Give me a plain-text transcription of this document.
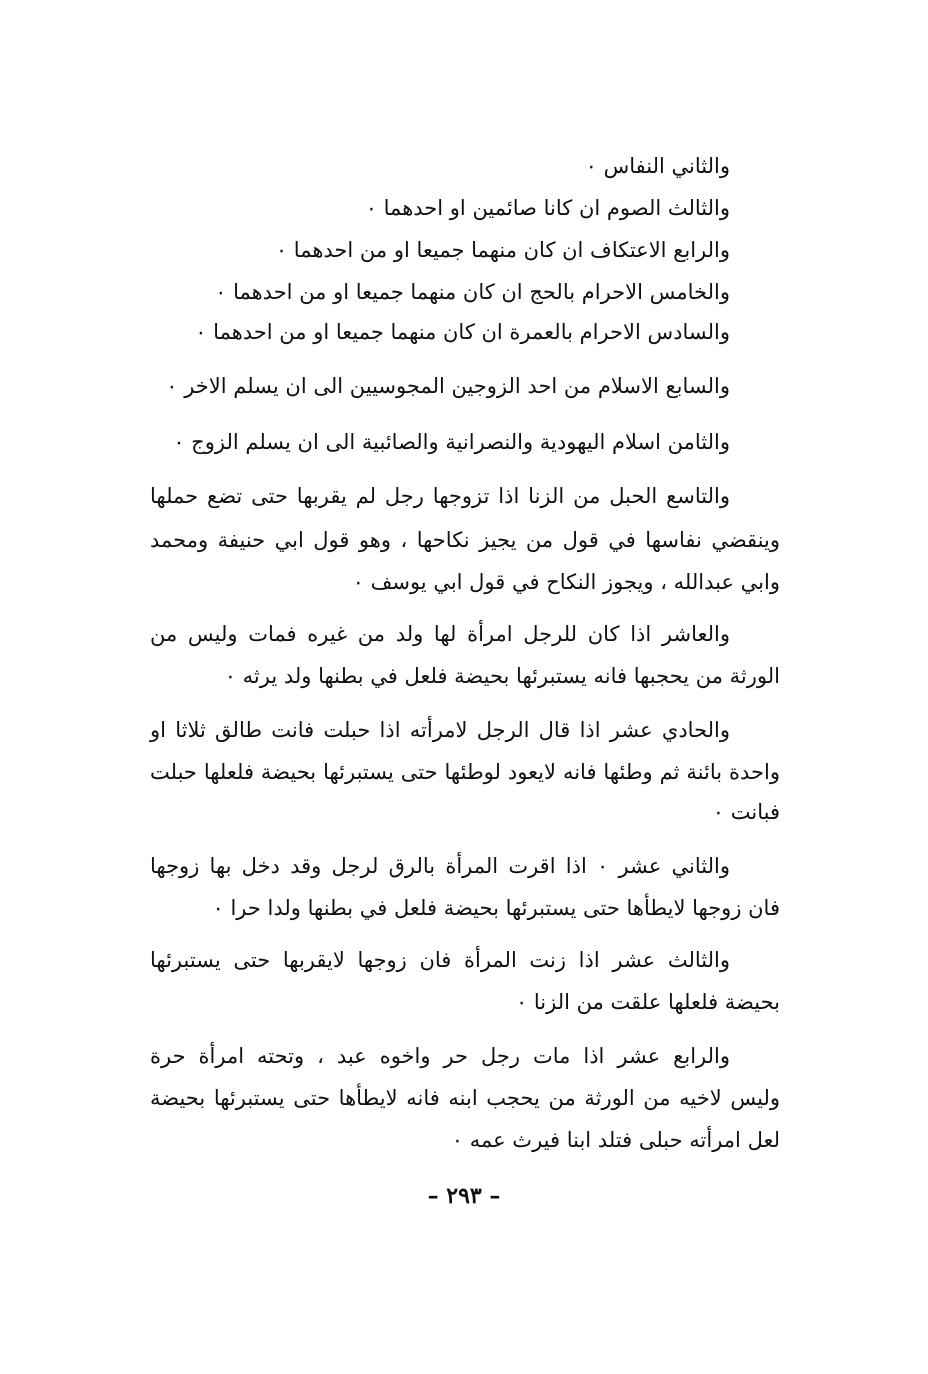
والثاني النفاس ٠
والثالث الصوم ان كانا صائمين او احدهما ٠
والرابع الاعتكاف ان كان منهما جميعا او من احدهما ٠
والخامس الاحرام بالحج ان كان منهما جميعا او من احدهما ٠
والسادس الاحرام بالعمرة ان كان منهما جميعا او من احدهما ٠
والسابع الاسلام من احد الزوجين المجوسيين الى ان يسلم الاخر ٠
والثامن اسلام اليهودية والنصرانية والصائبية الى ان يسلم الزوج ٠
والتاسع الحبل من الزنا اذا تزوجها رجل لم يقربها حتى تضع حملها
وينقضي نفاسها في قول من يجيز نكاحها ، وهو قول ابي حنيفة ومحمد
وابي عبدالله ، ويجوز النكاح في قول ابي يوسف ٠
والعاشر اذا كان للرجل امرأة لها ولد من غيره فمات وليس من
الورثة من يحجبها فانه يستبرئها بحيضة فلعل في بطنها ولد يرثه ٠
والحادي عشر اذا قال الرجل لامرأته اذا حبلت فانت طالق ثلاثا او
واحدة بائنة ثم وطئها فانه لايعود لوطئها حتى يستبرئها بحيضة فلعلها حبلت
فبانت ٠
والثاني عشر ٠ اذا اقرت المرأة بالرق لرجل وقد دخل بها زوجها
فان زوجها لايطأها حتى يستبرئها بحيضة فلعل في بطنها ولدا حرا ٠
والثالث عشر اذا زنت المرأة فان زوجها لايقربها حتى يستبرئها
بحيضة فلعلها علقت من الزنا ٠
والرابع عشر اذا مات رجل حر واخوه عبد ، وتحته امرأة حرة
وليس لاخيه من الورثة من يحجب ابنه فانه لايطأها حتى يستبرئها بحيضة
لعل امرأته حبلى فتلد ابنا فيرث عمه ٠
– ٢٩٣ –
